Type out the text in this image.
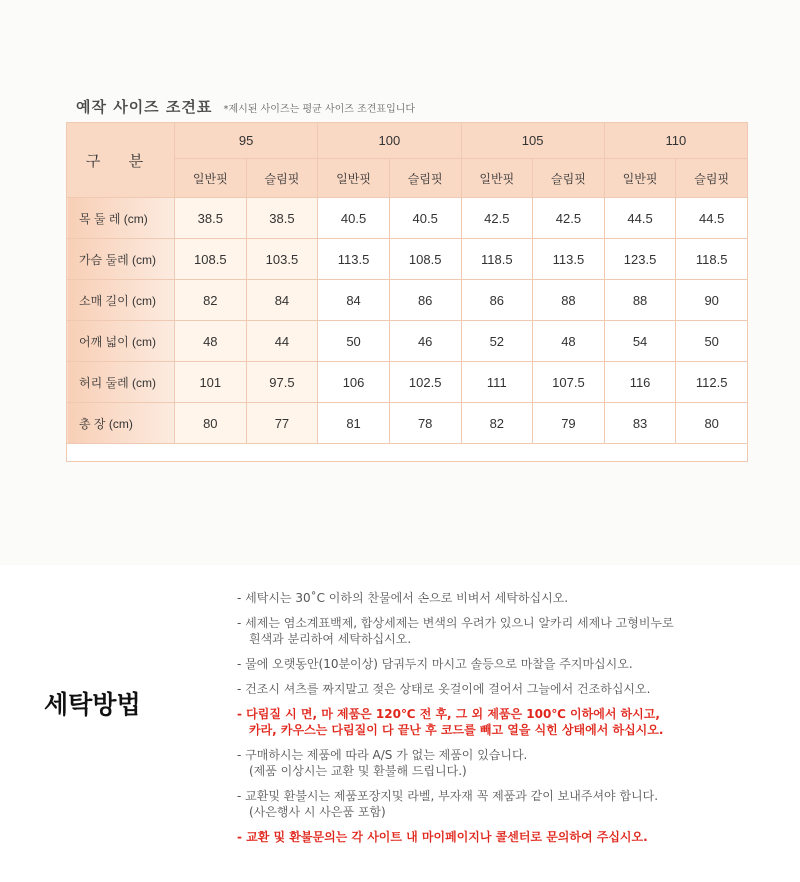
예작 사이즈 조견표 *제시된 사이즈는 평균 사이즈 조견표입니다
구 분	95		100		105		110	
	일반핏	슬림핏	일반핏	슬림핏	일반핏	슬림핏	일반핏	슬림핏
목 둘 레 (cm)	38.5	38.5	40.5	40.5	42.5	42.5	44.5	44.5
가슴 둘레 (cm)	108.5	103.5	113.5	108.5	118.5	113.5	123.5	118.5
소매 길이 (cm)	82	84	84	86	86	88	88	90
어깨 넓이 (cm)	48	44	50	46	52	48	54	50
허리 둘레 (cm)	101	97.5	106	102.5	111	107.5	116	112.5
총 장 (cm)	80	77	81	78	82	79	83	80

세탁방법
- 세탁시는 30˚C 이하의 찬물에서 손으로 비벼서 세탁하십시오.
- 세제는 염소계표백제, 합상세제는 변색의 우려가 있으니 알카리 세제나 고형비누로
흰색과 분리하여 세탁하십시오.
- 물에 오랫동안(10분이상) 담궈두지 마시고 솔등으로 마찰을 주지마십시오.
- 건조시 셔츠를 짜지말고 젖은 상태로 옷걸이에 걸어서 그늘에서 건조하십시오.
- 다림질 시 면, 마 제품은 120℃ 전 후, 그 외 제품은 100℃ 이하에서 하시고,
카라, 카우스는 다림질이 다 끝난 후 코드를 빼고 열을 식힌 상태에서 하십시오.
- 구매하시는 제품에 따라 A/S 가 없는 제품이 있습니다.
(제품 이상시는 교환 및 환불해 드립니다.)
- 교환및 환불시는 제품포장지및 라벨, 부자재 꼭 제품과 같이 보내주셔야 합니다.
(사은행사 시 사은품 포함)
- 교환 및 환불문의는 각 사이트 내 마이페이지나 콜센터로 문의하여 주십시오.
